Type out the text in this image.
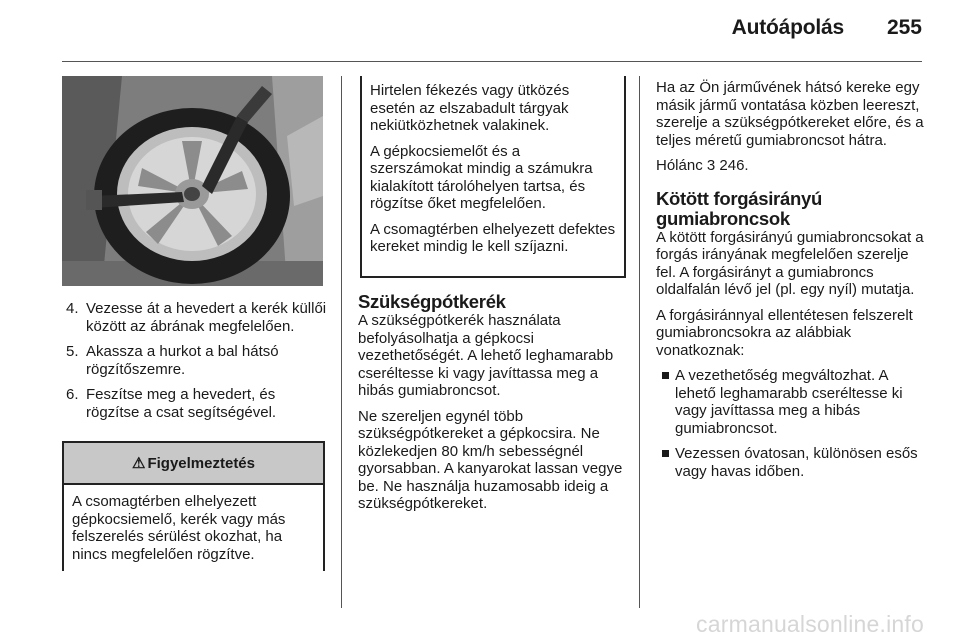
Autóápolás 255
4. Vezesse át a hevedert a kerék küllői között az ábrának megfelelően.
5. Akassza a hurkot a bal hátsó rögzítőszemre.
6. Feszítse meg a hevedert, és rögzítse a csat segítségével.
⚠ Figyelmeztetés
A csomagtérben elhelyezett gépkocsiemelő, kerék vagy más felszerelés sérülést okozhat, ha nincs megfelelően rögzítve.

Hirtelen fékezés vagy ütközés esetén az elszabadult tárgyak nekiütközhetnek valakinek.

A gépkocsiemelőt és a szerszámokat mindig a számukra kialakított tárolóhelyen tartsa, és rögzítse őket megfelelően.

A csomagtérben elhelyezett defektes kereket mindig le kell szíjazni.

Szükségpótkerék

A szükségpótkerék használata befolyásolhatja a gépkocsi vezethetőségét. A lehető leghamarabb cseréltesse ki vagy javíttassa meg a hibás gumiabroncsot.

Ne szereljen egynél több szükségpótkereket a gépkocsira. Ne közlekedjen 80 km/h sebességnél gyorsabban. A kanyarokat lassan vegye be. Ne használja huzamosabb ideig a szükségpótkereket.

Ha az Ön járművének hátsó kereke egy másik jármű vontatása közben leereszt, szerelje a szükségpótkereket előre, és a teljes méretű gumiabroncsot hátra.

Hólánc 3 246.

Kötött forgásirányú gumiabroncsok

A kötött forgásirányú gumiabroncsokat a forgás irányának megfelelően szerelje fel. A forgásirányt a gumiabroncs oldalfalán lévő jel (pl. egy nyíl) mutatja.

A forgásiránnyal ellentétesen felszerelt gumiabroncsokra az alábbiak vonatkoznak:

A vezethetőség megváltozhat. A lehető leghamarabb cseréltesse ki vagy javíttassa meg a hibás gumiabroncsot.
Vezessen óvatosan, különösen esős vagy havas időben.
carmanualsonline.info
